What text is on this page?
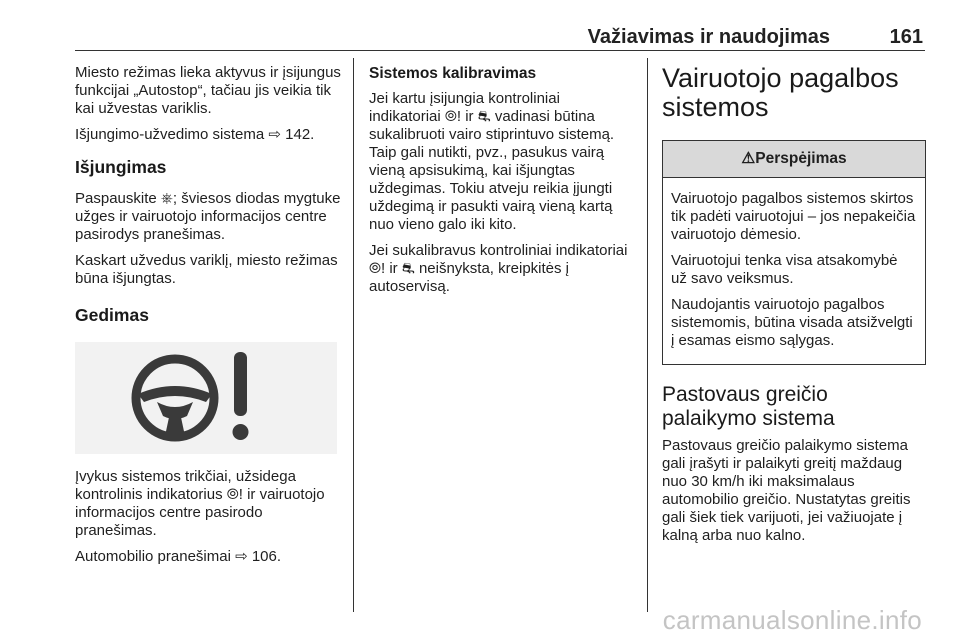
Važiavimas ir naudojimas	161

Miesto režimas lieka aktyvus ir įsijungus funkcijai „Autostop“, tačiau jis veikia tik kai užvestas variklis.

Išjungimo-užvedimo sistema ⇨ 142.

Išjungimas

Paspauskite ⎈; šviesos diodas mygtuke užges ir vairuotojo informacijos centre pasirodys pranešimas.

Kaskart užvedus variklį, miesto režimas būna išjungtas.

Gedimas

Įvykus sistemos trikčiai, užsidega kontrolinis indikatorius ⦾! ir vairuotojo informacijos centre pasirodo pranešimas.

Automobilio pranešimai ⇨ 106.

Sistemos kalibravimas

Jei kartu įsijungia kontroliniai indikatoriai ⦾! ir ⛐ vadinasi būtina sukalibruoti vairo stiprintuvo sistemą. Taip gali nutikti, pvz., pasukus vairą vieną apsisukimą, kai išjungtas uždegimas. Tokiu atveju reikia įjungti uždegimą ir pasukti vairą vieną kartą nuo vieno galo iki kito.

Jei sukalibravus kontroliniai indikatoriai ⦾! ir ⛐ neišnyksta, kreipkitės į autoservisą.

Vairuotojo pagalbos sistemos
⚠Perspėjimas

Vairuotojo pagalbos sistemos skirtos tik padėti vairuotojui – jos nepakeičia vairuotojo dėmesio.

Vairuotojui tenka visa atsakomybė už savo veiksmus.

Naudojantis vairuotojo pagalbos sistemomis, būtina visada atsižvelgti į esamas eismo sąlygas.

Pastovaus greičio palaikymo sistema

Pastovaus greičio palaikymo sistema gali įrašyti ir palaikyti greitį maždaug nuo 30 km/h iki maksimalaus automobilio greičio. Nustatytas greitis gali šiek tiek varijuoti, jei važiuojate į kalną arba nuo kalno.

carmanualsonline.info
